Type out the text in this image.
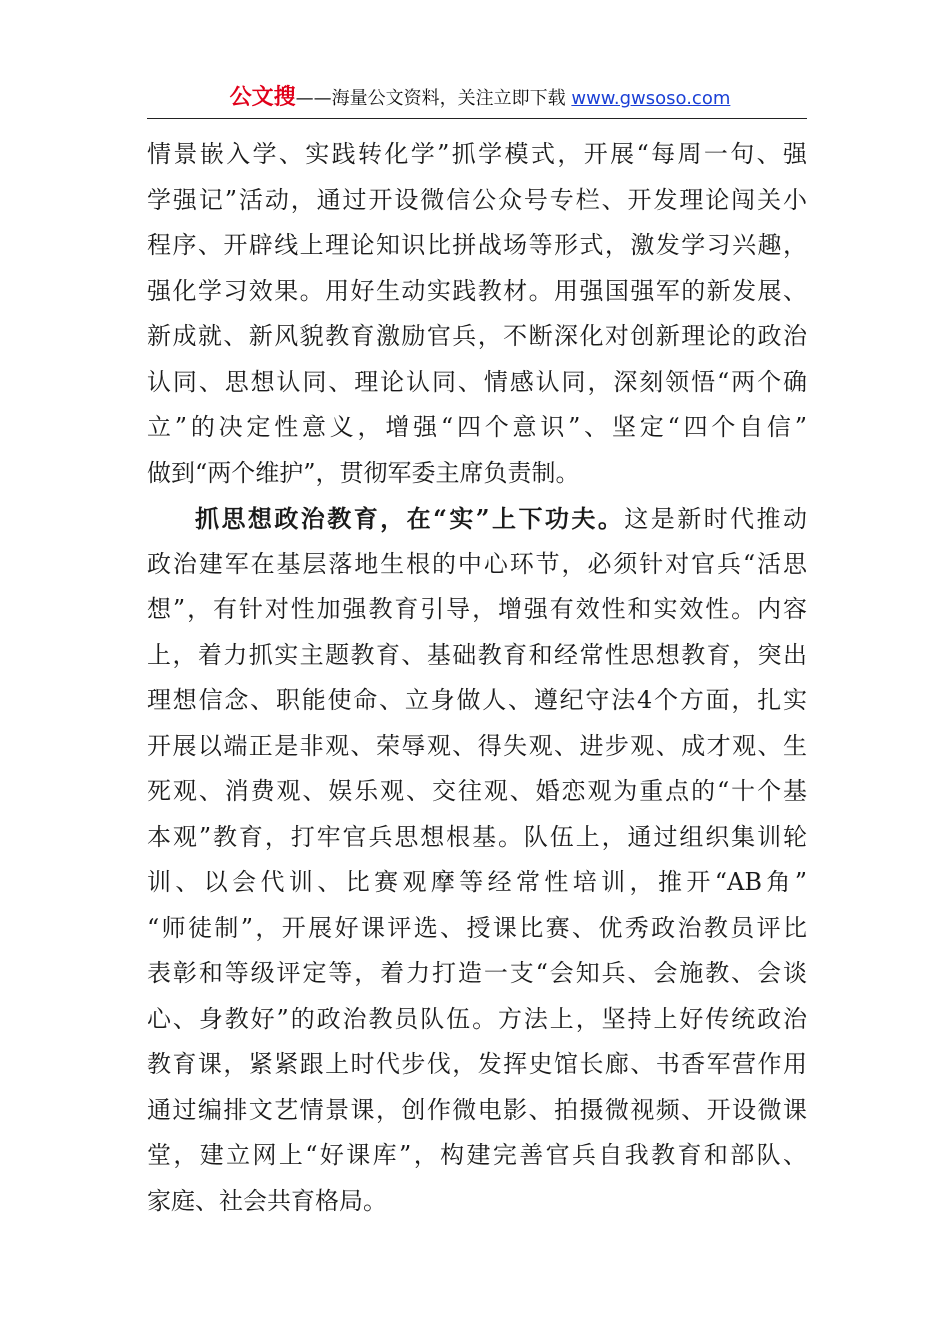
公文搜——海量公文资料，关注立即下载 www.gwsoso.com
情景嵌入学、实践转化学”抓学模式，开展“每周一句、强
学强记”活动，通过开设微信公众号专栏、开发理论闯关小
程序、开辟线上理论知识比拼战场等形式，激发学习兴趣，
强化学习效果。用好生动实践教材。用强国强军的新发展、
新成就、新风貌教育激励官兵，不断深化对创新理论的政治
认同、思想认同、理论认同、情感认同，深刻领悟“两个确
立”的决定性意义，增强“四个意识”、坚定“四个自信”
做到“两个维护”，贯彻军委主席负责制。
抓思想政治教育，在“实”上下功夫。这是新时代推动
政治建军在基层落地生根的中心环节，必须针对官兵“活思
想”，有针对性加强教育引导，增强有效性和实效性。内容
上，着力抓实主题教育、基础教育和经常性思想教育，突出
理想信念、职能使命、立身做人、遵纪守法4个方面，扎实
开展以端正是非观、荣辱观、得失观、进步观、成才观、生
死观、消费观、娱乐观、交往观、婚恋观为重点的“十个基
本观”教育，打牢官兵思想根基。队伍上，通过组织集训轮
训、以会代训、比赛观摩等经常性培训，推开“AB角”
“师徒制”，开展好课评选、授课比赛、优秀政治教员评比
表彰和等级评定等，着力打造一支“会知兵、会施教、会谈
心、身教好”的政治教员队伍。方法上，坚持上好传统政治
教育课，紧紧跟上时代步伐，发挥史馆长廊、书香军营作用
通过编排文艺情景课，创作微电影、拍摄微视频、开设微课
堂，建立网上“好课库”，构建完善官兵自我教育和部队、
家庭、社会共育格局。
